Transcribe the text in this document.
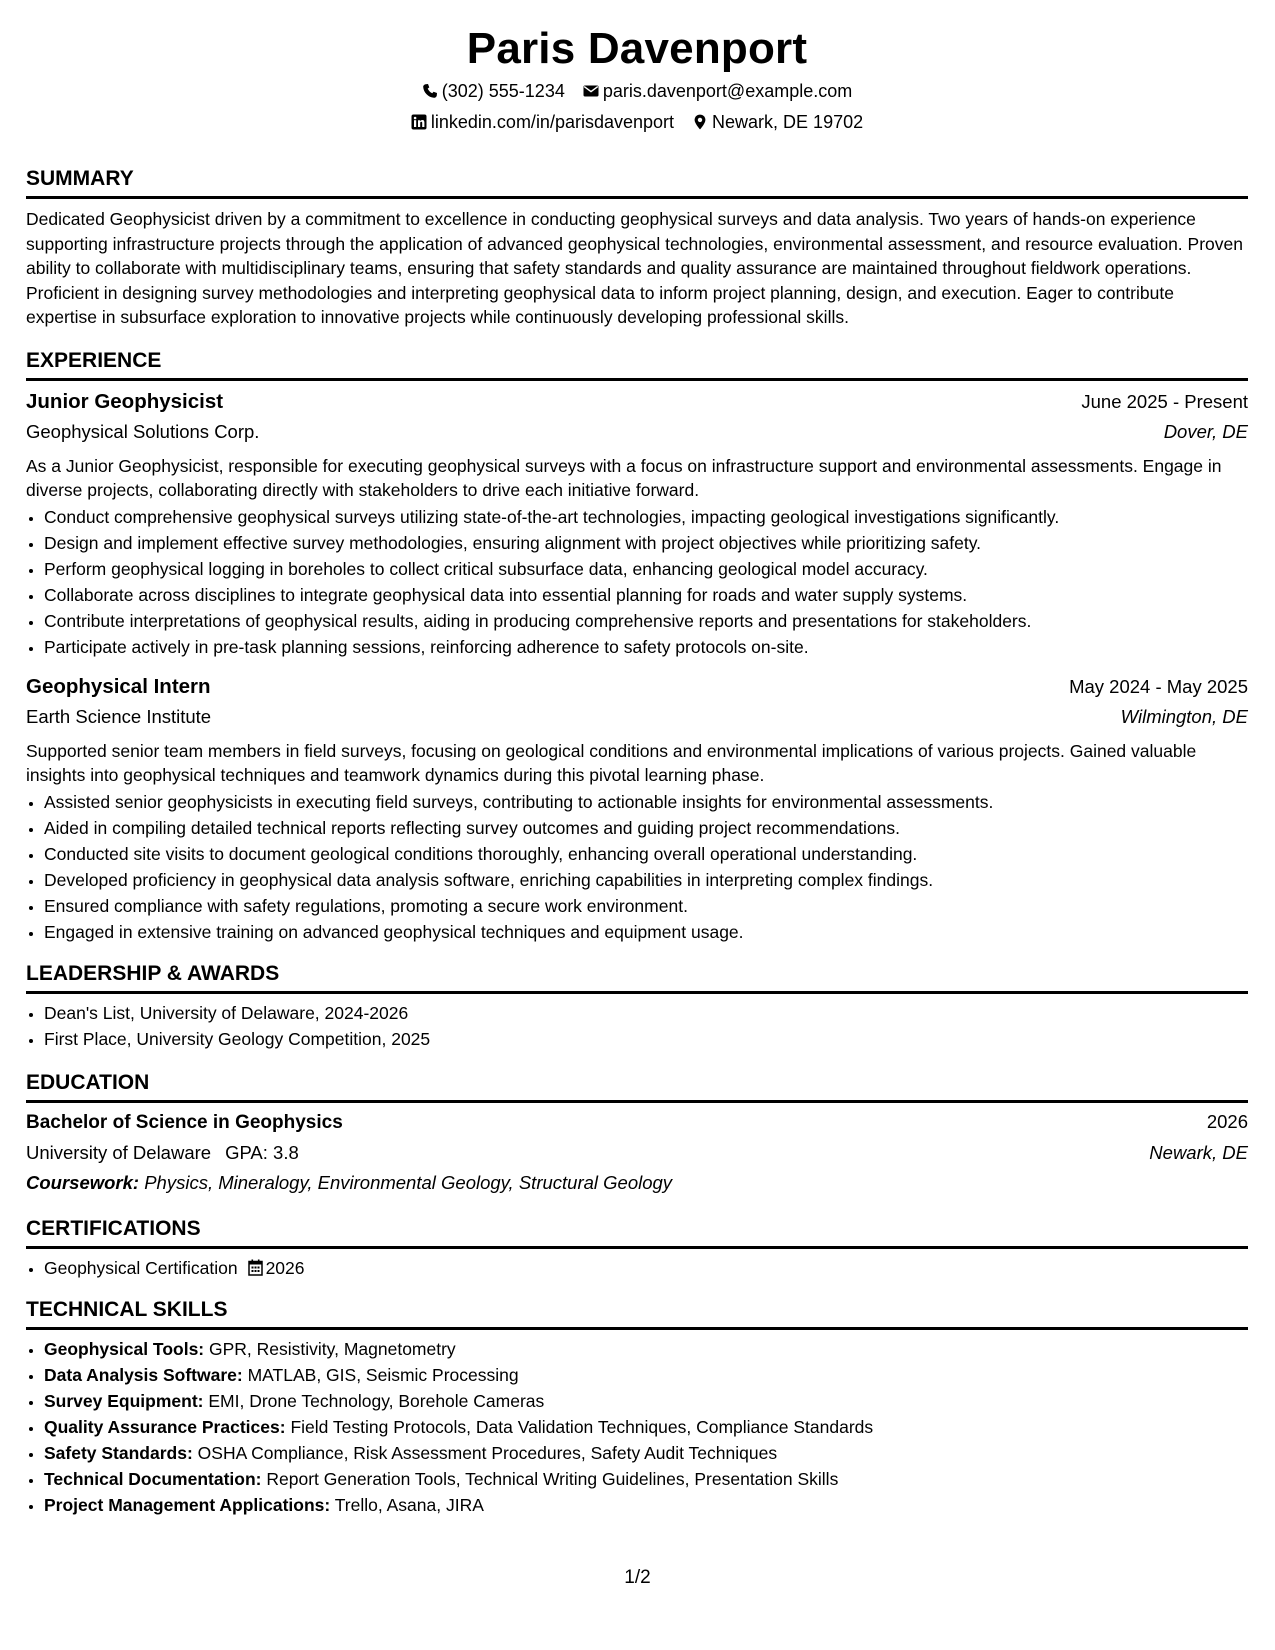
Paris Davenport
(302) 555-1234 paris.davenport@example.com
linkedin.com/in/parisdavenport Newark, DE 19702
SUMMARY
Dedicated Geophysicist driven by a commitment to excellence in conducting geophysical surveys and data analysis. Two years of hands-on experience supporting infrastructure projects through the application of advanced geophysical technologies, environmental assessment, and resource evaluation. Proven ability to collaborate with multidisciplinary teams, ensuring that safety standards and quality assurance are maintained throughout fieldwork operations. Proficient in designing survey methodologies and interpreting geophysical data to inform project planning, design, and execution. Eager to contribute expertise in subsurface exploration to innovative projects while continuously developing professional skills.
EXPERIENCE
Junior Geophysicist	June 2025 - Present
Geophysical Solutions Corp.	Dover, DE
As a Junior Geophysicist, responsible for executing geophysical surveys with a focus on infrastructure support and environmental assessments. Engage in diverse projects, collaborating directly with stakeholders to drive each initiative forward.
• Conduct comprehensive geophysical surveys utilizing state-of-the-art technologies, impacting geological investigations significantly.
• Design and implement effective survey methodologies, ensuring alignment with project objectives while prioritizing safety.
• Perform geophysical logging in boreholes to collect critical subsurface data, enhancing geological model accuracy.
• Collaborate across disciplines to integrate geophysical data into essential planning for roads and water supply systems.
• Contribute interpretations of geophysical results, aiding in producing comprehensive reports and presentations for stakeholders.
• Participate actively in pre-task planning sessions, reinforcing adherence to safety protocols on-site.
Geophysical Intern	May 2024 - May 2025
Earth Science Institute	Wilmington, DE
Supported senior team members in field surveys, focusing on geological conditions and environmental implications of various projects. Gained valuable insights into geophysical techniques and teamwork dynamics during this pivotal learning phase.
• Assisted senior geophysicists in executing field surveys, contributing to actionable insights for environmental assessments.
• Aided in compiling detailed technical reports reflecting survey outcomes and guiding project recommendations.
• Conducted site visits to document geological conditions thoroughly, enhancing overall operational understanding.
• Developed proficiency in geophysical data analysis software, enriching capabilities in interpreting complex findings.
• Ensured compliance with safety regulations, promoting a secure work environment.
• Engaged in extensive training on advanced geophysical techniques and equipment usage.
LEADERSHIP & AWARDS
• Dean's List, University of Delaware, 2024-2026
• First Place, University Geology Competition, 2025
EDUCATION
Bachelor of Science in Geophysics	2026
University of Delaware GPA: 3.8	Newark, DE
Coursework: Physics, Mineralogy, Environmental Geology, Structural Geology
CERTIFICATIONS
• Geophysical Certification 2026
TECHNICAL SKILLS
• Geophysical Tools: GPR, Resistivity, Magnetometry
• Data Analysis Software: MATLAB, GIS, Seismic Processing
• Survey Equipment: EMI, Drone Technology, Borehole Cameras
• Quality Assurance Practices: Field Testing Protocols, Data Validation Techniques, Compliance Standards
• Safety Standards: OSHA Compliance, Risk Assessment Procedures, Safety Audit Techniques
• Technical Documentation: Report Generation Tools, Technical Writing Guidelines, Presentation Skills
• Project Management Applications: Trello, Asana, JIRA
1/2
